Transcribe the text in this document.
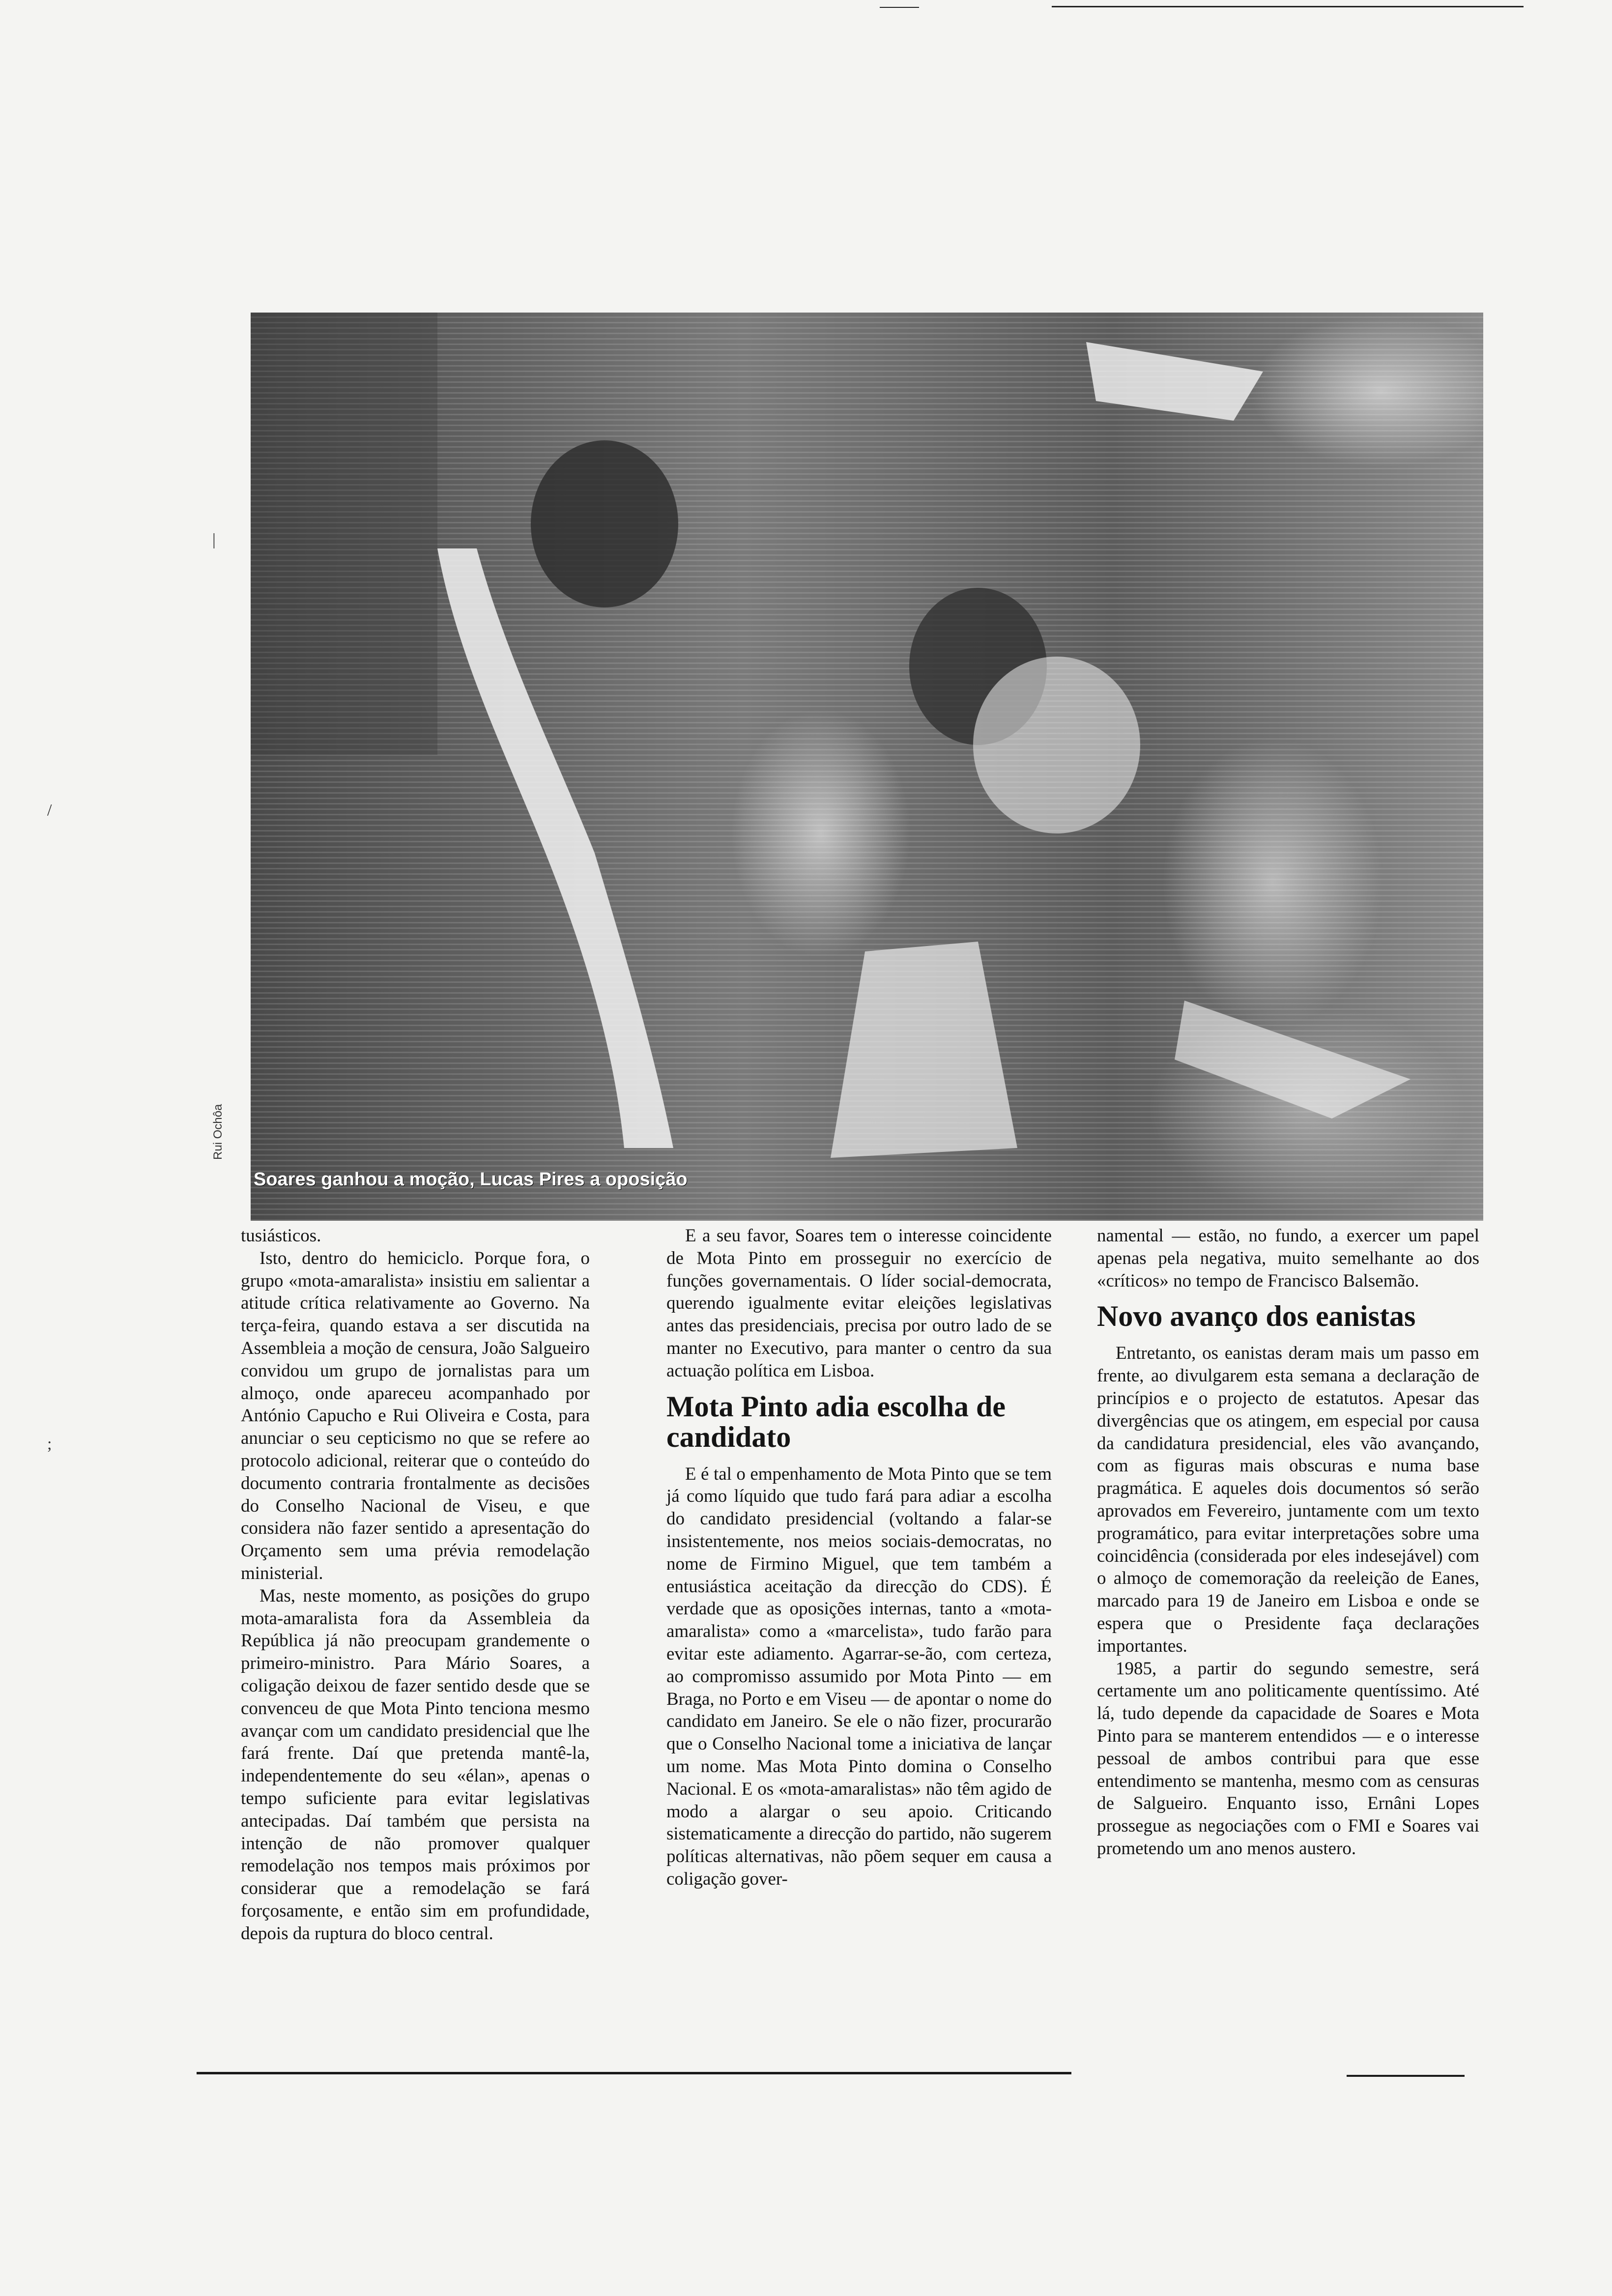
|
/
;
Soares ganhou a moção, Lucas Pires a oposição
Rui Ochôa

tusiásticos.

Isto, dentro do hemiciclo. Porque fora, o grupo «mota-amaralista» insistiu em salientar a atitude crítica relativamente ao Governo. Na terça-feira, quando estava a ser discutida na Assembleia a moção de censura, João Salgueiro convidou um grupo de jornalistas para um almoço, onde apareceu acompanhado por António Capucho e Rui Oliveira e Costa, para anunciar o seu cepticismo no que se refere ao protocolo adicional, reiterar que o conteúdo do documento contraria frontalmente as decisões do Conselho Nacional de Viseu, e que considera não fazer sentido a apresentação do Orçamento sem uma prévia remodelação ministerial.

Mas, neste momento, as posições do grupo mota-amaralista fora da Assembleia da República já não preocupam grandemente o primeiro-ministro. Para Mário Soares, a coligação deixou de fazer sentido desde que se convenceu de que Mota Pinto tenciona mesmo avançar com um candidato presidencial que lhe fará frente. Daí que pretenda mantê-la, independentemente do seu «élan», apenas o tempo suficiente para evitar legislativas antecipadas. Daí também que persista na intenção de não promover qualquer remodelação nos tempos mais próximos por considerar que a remodelação se fará forçosamente, e então sim em profundidade, depois da ruptura do bloco central.

E a seu favor, Soares tem o interesse coincidente de Mota Pinto em prosseguir no exercício de funções governamentais. O líder social-democrata, querendo igualmente evitar eleições legislativas antes das presidenciais, precisa por outro lado de se manter no Executivo, para manter o centro da sua actuação política em Lisboa.

Mota Pinto adia escolha de candidato

E é tal o empenhamento de Mota Pinto que se tem já como líquido que tudo fará para adiar a escolha do candidato presidencial (voltando a falar-se insistentemente, nos meios sociais-democratas, no nome de Firmino Miguel, que tem também a entusiástica aceitação da direcção do CDS). É verdade que as oposições internas, tanto a «mota-amaralista» como a «marcelista», tudo farão para evitar este adiamento. Agarrar-se-ão, com certeza, ao compromisso assumido por Mota Pinto — em Braga, no Porto e em Viseu — de apontar o nome do candidato em Janeiro. Se ele o não fizer, procurarão que o Conselho Nacional tome a iniciativa de lançar um nome. Mas Mota Pinto domina o Conselho Nacional. E os «mota-amaralistas» não têm agido de modo a alargar o seu apoio. Criticando sistematicamente a direcção do partido, não sugerem políticas alternativas, não põem sequer em causa a coligação gover-

namental — estão, no fundo, a exercer um papel apenas pela negativa, muito semelhante ao dos «críticos» no tempo de Francisco Balsemão.

Novo avanço dos eanistas

Entretanto, os eanistas deram mais um passo em frente, ao divulgarem esta semana a declaração de princípios e o projecto de estatutos. Apesar das divergências que os atingem, em especial por causa da candidatura presidencial, eles vão avançando, com as figuras mais obscuras e numa base pragmática. E aqueles dois documentos só serão aprovados em Fevereiro, juntamente com um texto programático, para evitar interpretações sobre uma coincidência (considerada por eles indesejável) com o almoço de comemoração da reeleição de Eanes, marcado para 19 de Janeiro em Lisboa e onde se espera que o Presidente faça declarações importantes.

1985, a partir do segundo semestre, será certamente um ano politicamente quentíssimo. Até lá, tudo depende da capacidade de Soares e Mota Pinto para se manterem entendidos — e o interesse pessoal de ambos contribui para que esse entendimento se mantenha, mesmo com as censuras de Salgueiro. Enquanto isso, Ernâni Lopes prossegue as negociações com o FMI e Soares vai prometendo um ano menos austero.
